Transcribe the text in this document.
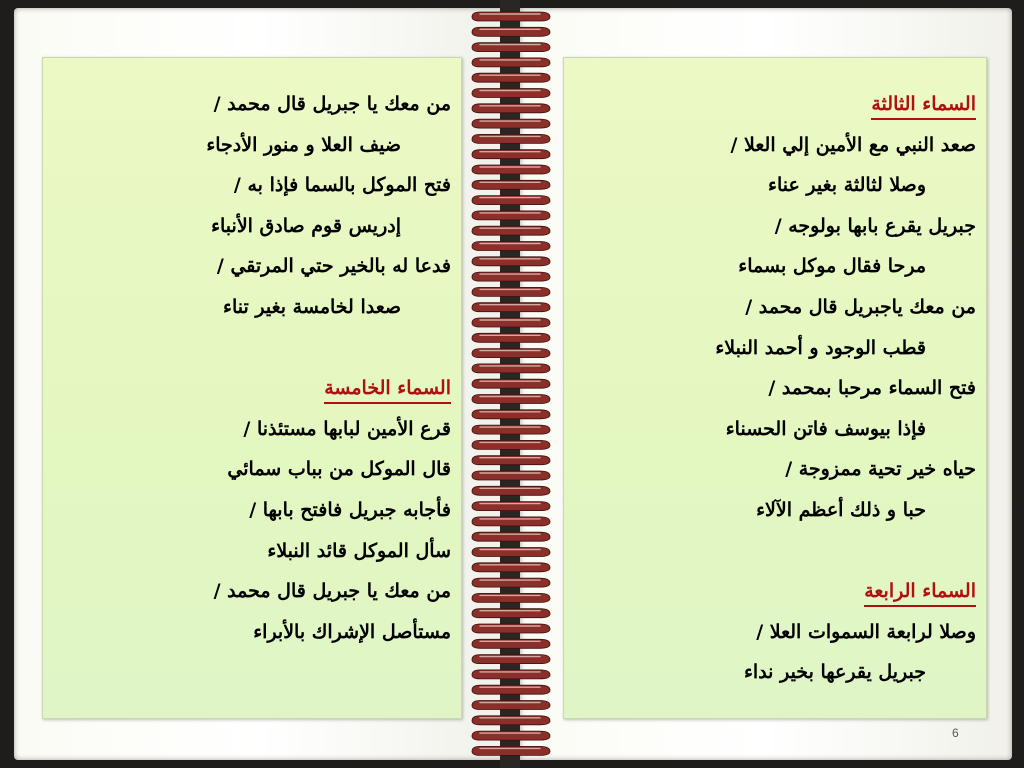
من معك يا جبريل قال محمد /
ضيف العلا و منور الأدجاء
فتح الموكل بالسما فإذا به /
إدريس قوم صادق الأنباء
فدعا له بالخير حتي المرتقي /
صعدا لخامسة بغير تناء
السماء الخامسة
قرع الأمين لبابها مستئذنا /
قال الموكل من بباب سمائي
فأجابه جبريل فافتح بابها /
سأل الموكل قائد النبلاء
من معك يا جبريل قال محمد /
مستأصل الإشراك بالأبراء
السماء الثالثة
صعد النبي مع الأمين إلي العلا /
وصلا لثالثة بغير عناء
جبريل يقرع بابها بولوجه /
مرحا فقال موكل بسماء
من معك ياجبريل قال محمد /
قطب الوجود و أحمد النبلاء
فتح السماء مرحبا بمحمد /
فإذا بيوسف فاتن الحسناء
حياه خير تحية ممزوجة /
حبا و ذلك أعظم الآلاء
السماء الرابعة
وصلا لرابعة السموات العلا /
جبريل يقرعها بخير نداء
6
